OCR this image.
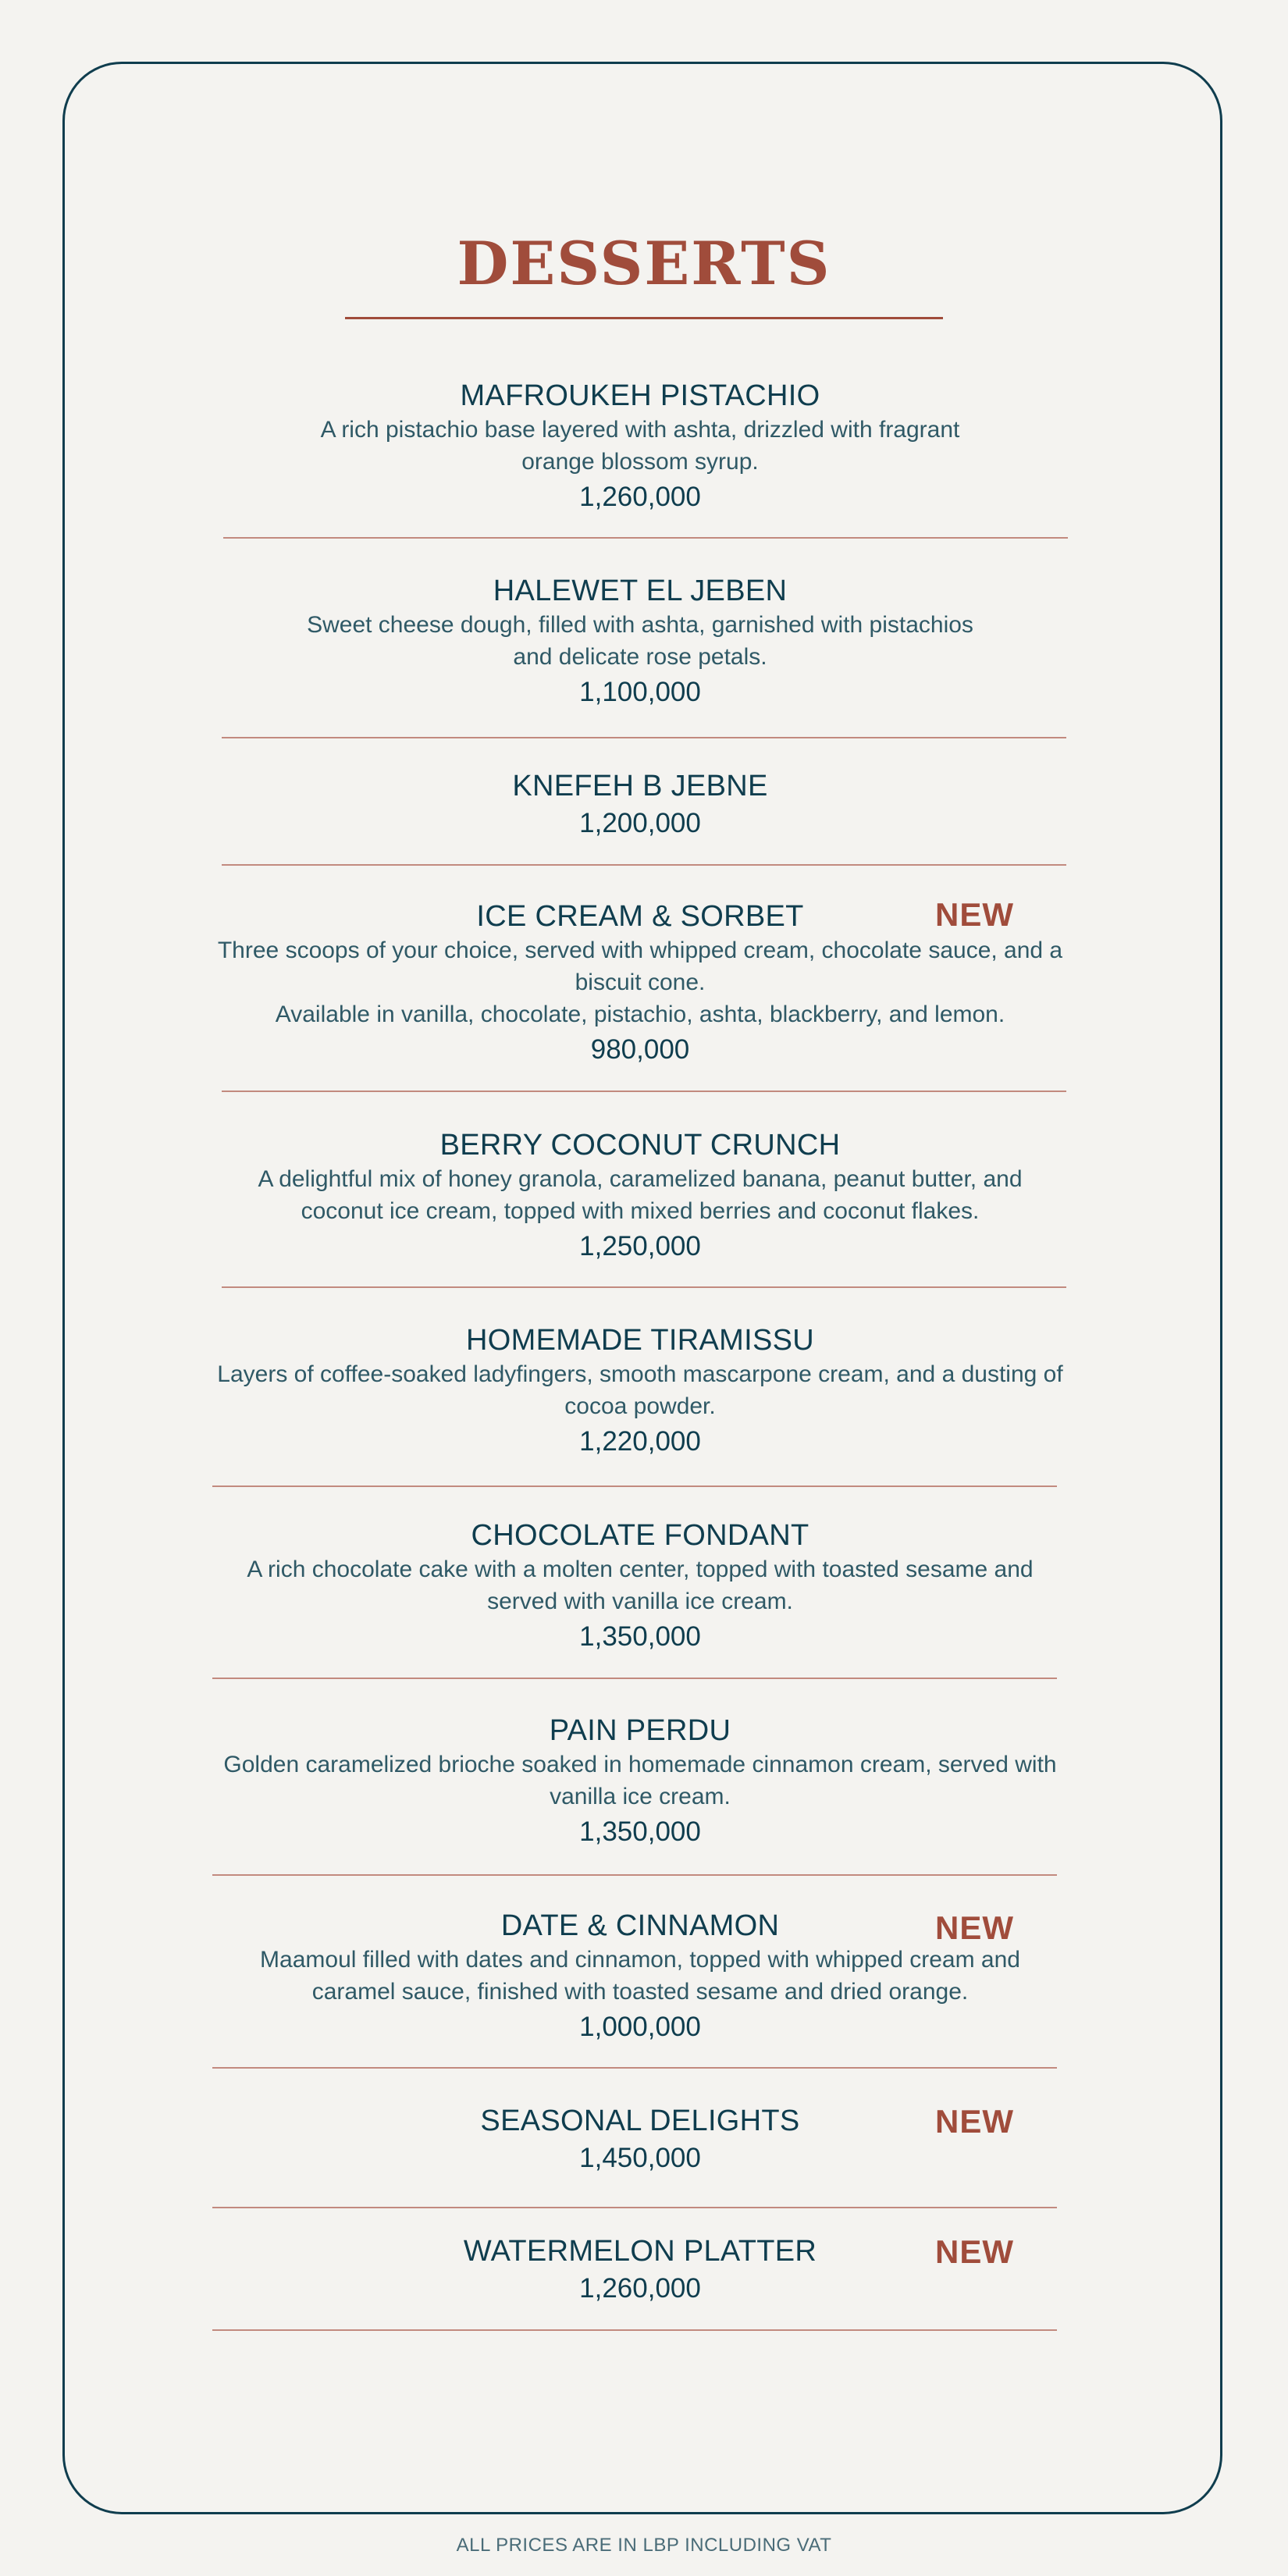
DESSERTS
MAFROUKEH PISTACHIO
A rich pistachio base layered with ashta, drizzled with fragrant
orange blossom syrup.
1,260,000
HALEWET EL JEBEN
Sweet cheese dough, filled with ashta, garnished with pistachios
and delicate rose petals.
1,100,000
KNEFEH B JEBNE
1,200,000
ICE CREAM & SORBET
Three scoops of your choice, served with whipped cream, chocolate sauce, and a
biscuit cone.
Available in vanilla, chocolate, pistachio, ashta, blackberry, and lemon.
980,000
NEW
BERRY COCONUT CRUNCH
A delightful mix of honey granola, caramelized banana, peanut butter, and
coconut ice cream, topped with mixed berries and coconut flakes.
1,250,000
HOMEMADE TIRAMISSU
Layers of coffee-soaked ladyfingers, smooth mascarpone cream, and a dusting of
cocoa powder.
1,220,000
CHOCOLATE FONDANT
A rich chocolate cake with a molten center, topped with toasted sesame and
served with vanilla ice cream.
1,350,000
PAIN PERDU
Golden caramelized brioche soaked in homemade cinnamon cream, served with
vanilla ice cream.
1,350,000
DATE & CINNAMON
Maamoul filled with dates and cinnamon, topped with whipped cream and
caramel sauce, finished with toasted sesame and dried orange.
1,000,000
NEW
SEASONAL DELIGHTS
1,450,000
NEW
WATERMELON PLATTER
1,260,000
NEW
ALL PRICES ARE IN LBP INCLUDING VAT
